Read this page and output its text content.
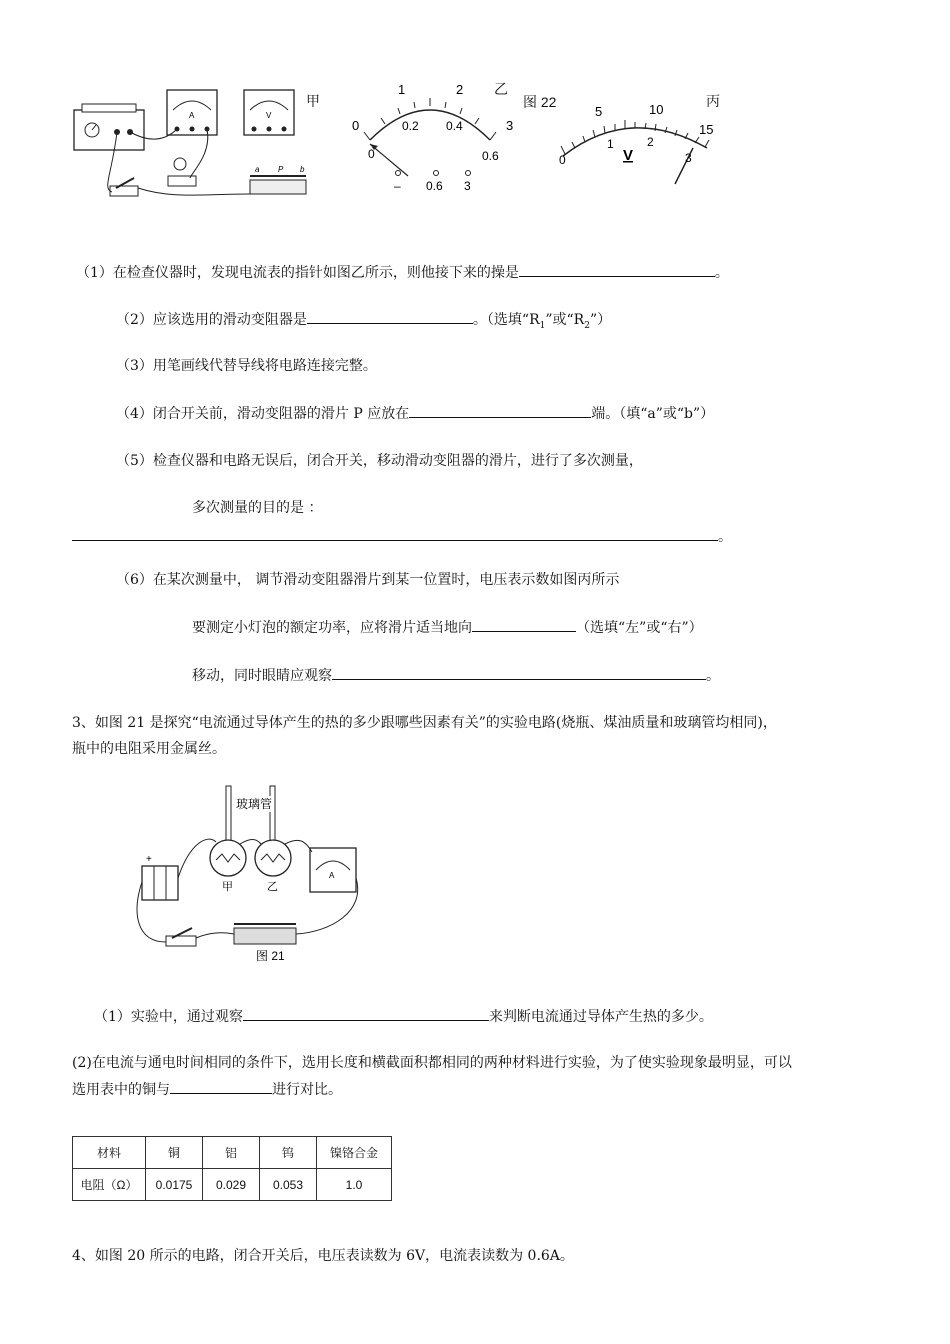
A	V
a P b
甲
0
1	2
3
0
0.2 0.4
0.6
– 0.6 3
乙
图 22
5	10
15
0
1	2
3
V
丙
（1）在检查仪器时，发现电流表的指针如图乙所示，则他接下来的操是	。
（2）应该选用的滑动变阻器是	。（选填“$R_1$”或“$R_2$”）
（3）用笔画线代替导线将电路连接完整。
（4）闭合开关前，滑动变阻器的滑片 P 应放在	端。（填“a”或“b”）
（5）检查仪器和电路无误后，闭合开关，移动滑动变阻器的滑片，进行了多次测量，
多次测量的目的是 ：
。
（6）在某次测量中， 调节滑动变阻器滑片到某一位置时，电压表示数如图丙所示
要测定小灯泡的额定功率，应将滑片适当地向	（选填“左”或“右”）
移动，同时眼睛应观察	。
3、如图 21 是探究“电流通过导体产生的热的多少跟哪些因素有关”的实验电路(烧瓶、煤油质量和玻璃管均相同)，
瓶中的电阻采用金属丝。
玻璃管
甲	乙
+
A
图 21
（1）实验中，通过观察	来判断电流通过导体产生热的多少。
(2)在电流与通电时间相同的条件下，选用长度和横截面积都相同的两种材料进行实验，为了使实验现象最明显，可以
选用表中的铜与	进行对比。
材料	铜	铝	钨	镍铬合金
电阻（Ω）	0.0175	0.029	0.053	1.0
4、如图 20 所示的电路，闭合开关后，电压表读数为 6V，电流表读数为 0.6A。
